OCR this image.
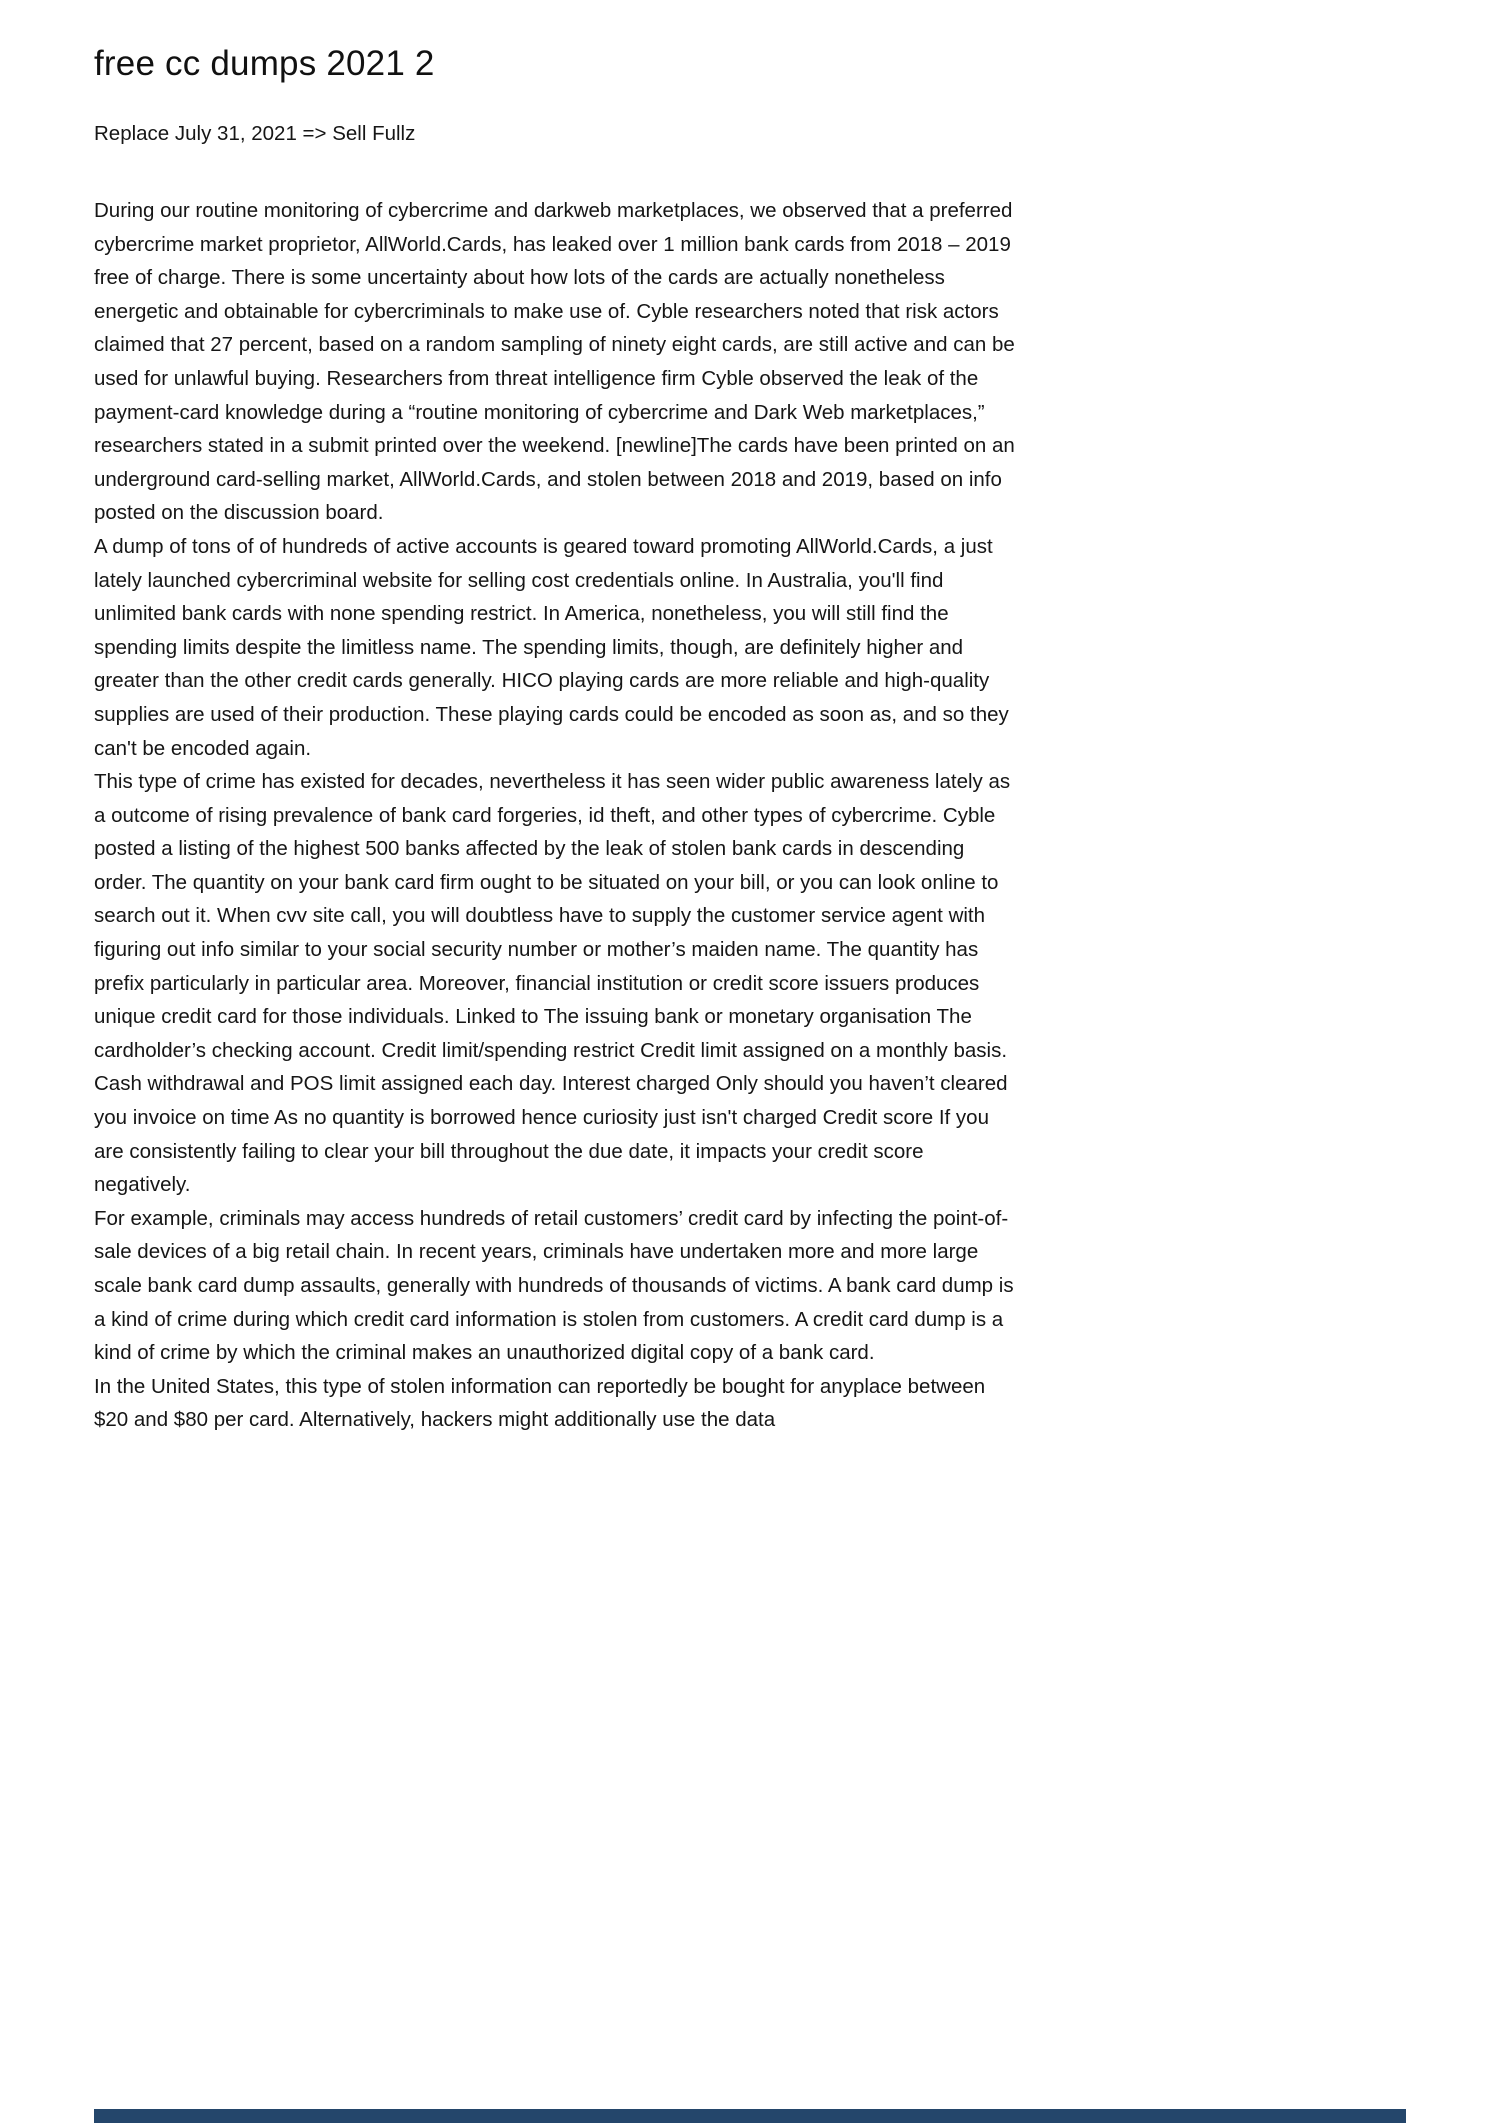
free cc dumps 2021 2

Replace July 31, 2021 => Sell Fullz

During our routine monitoring of cybercrime and darkweb marketplaces, we observed that a preferred cybercrime market proprietor, AllWorld.Cards, has leaked over 1 million bank cards from 2018 – 2019 free of charge. There is some uncertainty about how lots of the cards are actually nonetheless energetic and obtainable for cybercriminals to make use of. Cyble researchers noted that risk actors claimed that 27 percent, based on a random sampling of ninety eight cards, are still active and can be used for unlawful buying. Researchers from threat intelligence firm Cyble observed the leak of the payment-card knowledge during a “routine monitoring of cybercrime and Dark Web marketplaces,” researchers stated in a submit printed over the weekend. [newline]The cards have been printed on an underground card-selling market, AllWorld.Cards, and stolen between 2018 and 2019, based on info posted on the discussion board.

A dump of tons of of hundreds of active accounts is geared toward promoting AllWorld.Cards, a just lately launched cybercriminal website for selling cost credentials online. In Australia, you'll find unlimited bank cards with none spending restrict. In America, nonetheless, you will still find the spending limits despite the limitless name. The spending limits, though, are definitely higher and greater than the other credit cards generally. HICO playing cards are more reliable and high-quality supplies are used of their production. These playing cards could be encoded as soon as, and so they can't be encoded again.

This type of crime has existed for decades, nevertheless it has seen wider public awareness lately as a outcome of rising prevalence of bank card forgeries, id theft, and other types of cybercrime. Cyble posted a listing of the highest 500 banks affected by the leak of stolen bank cards in descending order. The quantity on your bank card firm ought to be situated on your bill, or you can look online to search out it. When cvv site call, you will doubtless have to supply the customer service agent with figuring out info similar to your social security number or mother’s maiden name. The quantity has prefix particularly in particular area. Moreover, financial institution or credit score issuers produces unique credit card for those individuals. Linked to The issuing bank or monetary organisation The cardholder’s checking account. Credit limit/spending restrict Credit limit assigned on a monthly basis. Cash withdrawal and POS limit assigned each day. Interest charged Only should you haven’t cleared you invoice on time As no quantity is borrowed hence curiosity just isn't charged Credit score If you are consistently failing to clear your bill throughout the due date, it impacts your credit score negatively.

For example, criminals may access hundreds of retail customers’ credit card by infecting the point-of-sale devices of a big retail chain. In recent years, criminals have undertaken more and more large scale bank card dump assaults, generally with hundreds of thousands of victims. A bank card dump is a kind of crime during which credit card information is stolen from customers. A credit card dump is a kind of crime by which the criminal makes an unauthorized digital copy of a bank card.

In the United States, this type of stolen information can reportedly be bought for anyplace between $20 and $80 per card. Alternatively, hackers might additionally use the data
